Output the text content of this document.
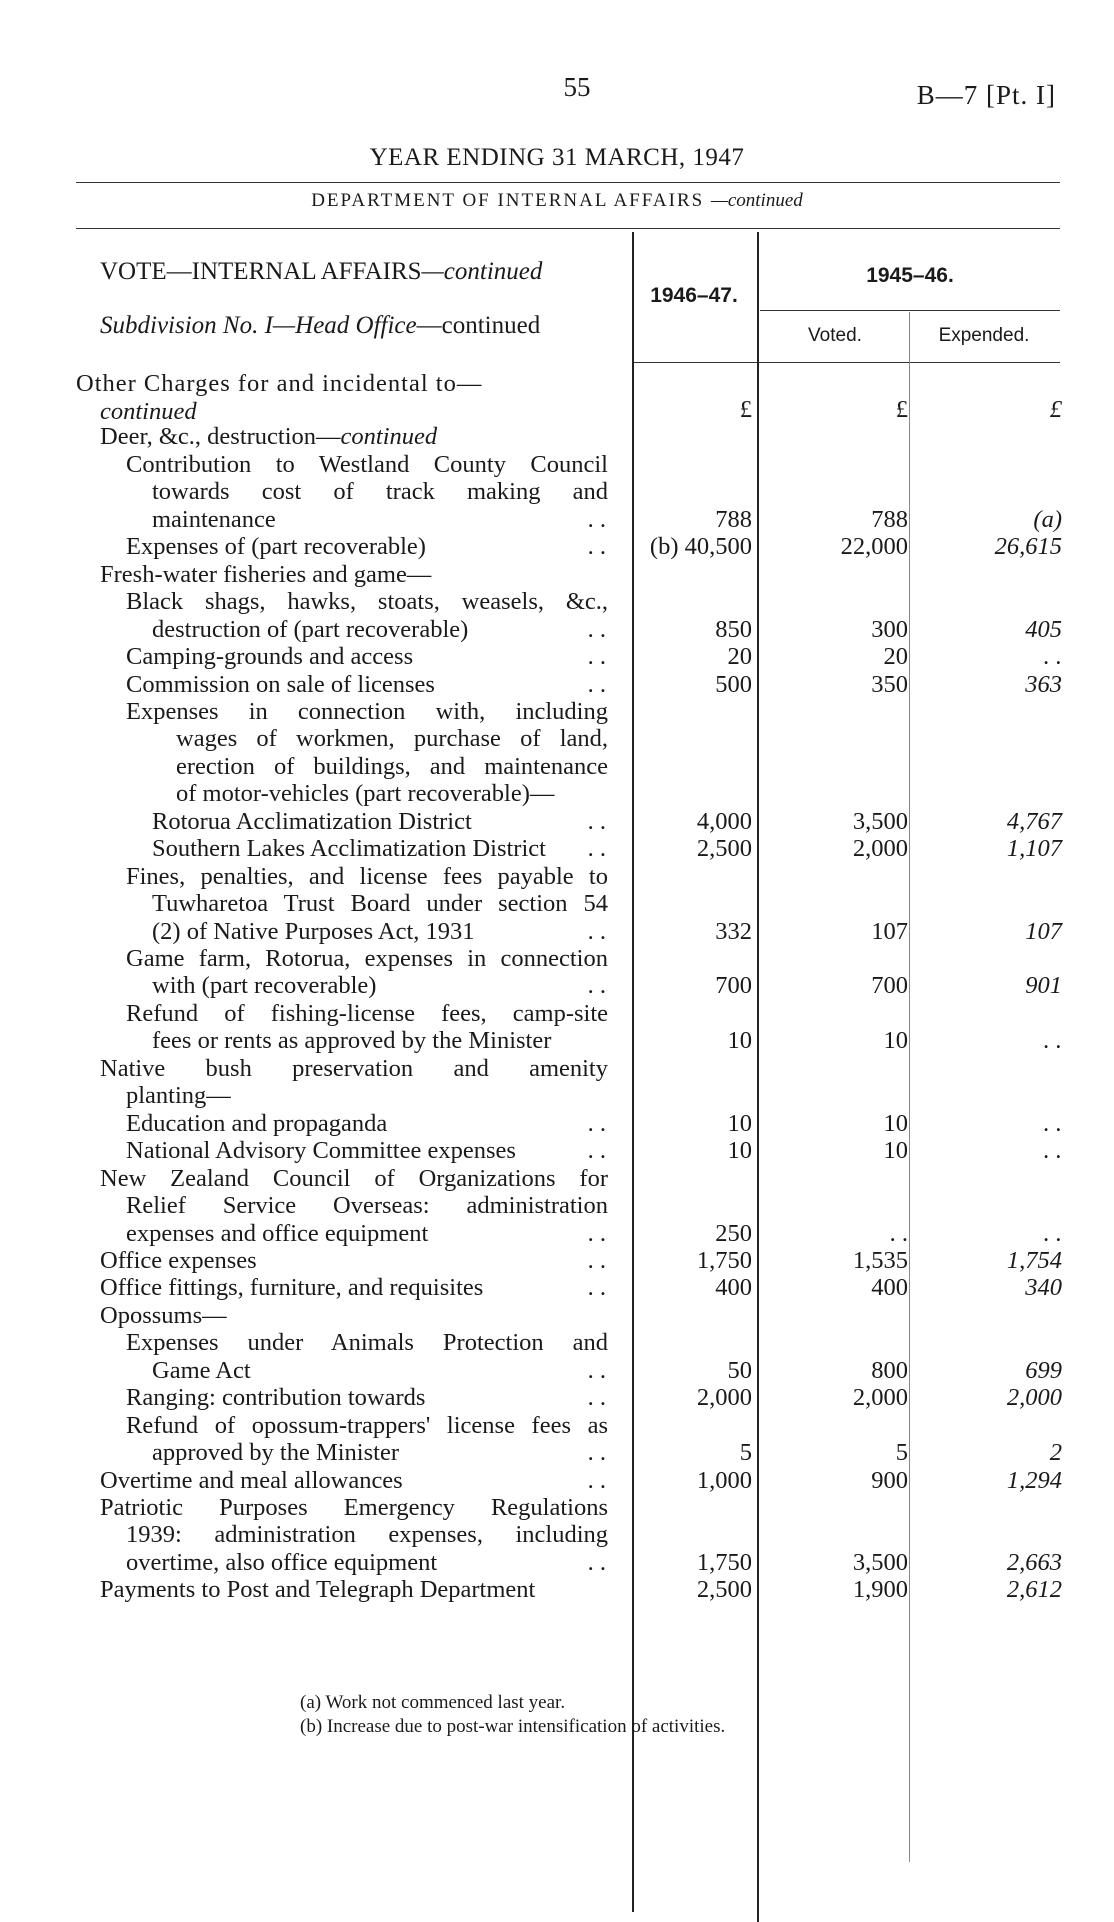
55	B—7 [Pt. I]
YEAR ENDING 31 MARCH, 1947
DEPARTMENT OF INTERNAL AFFAIRS —continued
VOTE—INTERNAL AFFAIRS—continued
Subdivision No. I—Head Office—continued
1946–47.
1945–46.
Voted.	Expended.
Other Charges for and incidental to—
continued	£	£	£
Deer, &c., destruction—continued
Contribution to Westland County Council
towards cost of track making and
maintenance	. .	788	788	(a)
Expenses of (part recoverable)	. . (b) 40,500	22,000	26,615
Fresh-water fisheries and game—
Black shags, hawks, stoats, weasels, &c.,
destruction of (part recoverable)	. .	850	300	405
Camping-grounds and access	. .	20	20	. .
Commission on sale of licenses	. .	500	350	363
Expenses in connection with, including
wages of workmen, purchase of land,
erection of buildings, and maintenance
of motor-vehicles (part recoverable)—
Rotorua Acclimatization District	. .	4,000	3,500	4,767
Southern Lakes Acclimatization District . .	2,500	2,000	1,107
Fines, penalties, and license fees payable to
Tuwharetoa Trust Board under section 54
(2) of Native Purposes Act, 1931	. .	332	107	107
Game farm, Rotorua, expenses in connection
with (part recoverable)	. .	700	700	901
Refund of fishing-license fees, camp-site
fees or rents as approved by the Minister	10	10	. .
Native bush preservation and amenity
planting—
Education and propaganda	. .	10	10	. .
National Advisory Committee expenses	. .	10	10	. .
New Zealand Council of Organizations for
Relief Service Overseas: administration
expenses and office equipment	. .	250	. .	. .
Office expenses	. .	1,750	1,535	1,754
Office fittings, furniture, and requisites	. .	400	400	340
Opossums—
Expenses under Animals Protection and
Game Act	. .	50	800	699
Ranging: contribution towards	. .	2,000	2,000	2,000
Refund of opossum-trappers' license fees as
approved by the Minister	. .	5	5	2
Overtime and meal allowances	. .	1,000	900	1,294
Patriotic Purposes Emergency Regulations
1939: administration expenses, including
overtime, also office equipment	. .	1,750	3,500	2,663
Payments to Post and Telegraph Department	2,500	1,900	2,612
(a) Work not commenced last year.
(b) Increase due to post-war intensification of activities.
